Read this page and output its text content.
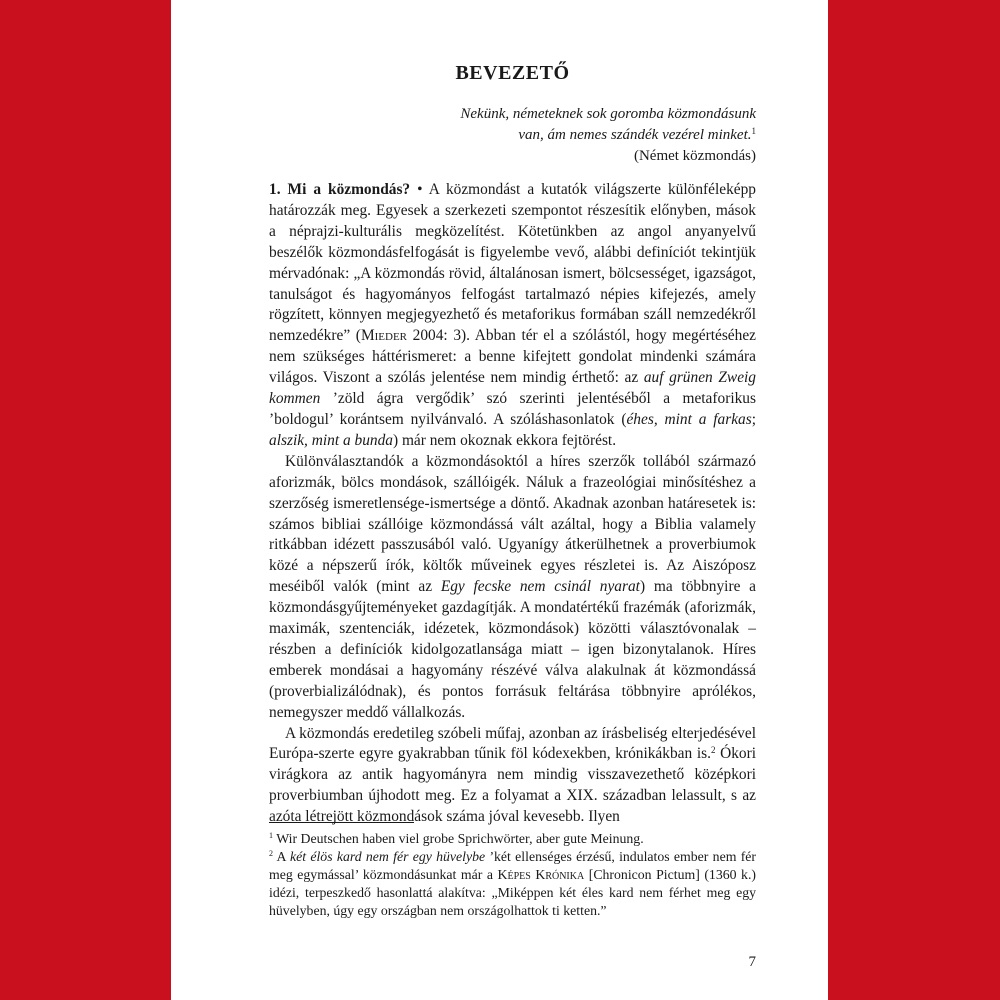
BEVEZETŐ
Nekünk, németeknek sok goromba közmondásunk
van, ám nemes szándék vezérel minket.$^1$
(Német közmondás)

1. Mi a közmondás? • A közmondást a kutatók világszerte különféleképp határozzák meg. Egyesek a szerkezeti szempontot részesítik előnyben, mások a néprajzi-kulturális megközelítést. Kötetünkben az angol anyanyelvű beszélők közmondásfelfogását is figyelembe vevő, alábbi definíciót tekintjük mérvadónak: „A közmondás rövid, általánosan ismert, bölcsességet, igazságot, tanulságot és hagyományos felfogást tartalmazó népies kifejezés, amely rögzített, könnyen megjegyezhető és metaforikus formában száll nemzedékről nemzedékre” (Mieder 2004: 3). Abban tér el a szólástól, hogy megértéséhez nem szükséges háttérismeret: a benne kifejtett gondolat mindenki számára világos. Viszont a szólás jelentése nem mindig érthető: az auf grünen Zweig kommen ’zöld ágra vergődik’ szó szerinti jelentéséből a metaforikus ’boldogul’ korántsem nyilvánvaló. A szóláshasonlatok (éhes, mint a farkas; alszik, mint a bunda) már nem okoznak ekkora fejtörést.

Különválasztandók a közmondásoktól a híres szerzők tollából származó aforizmák, bölcs mondások, szállóigék. Náluk a frazeológiai minősítéshez a szerzőség ismeretlensége-ismertsége a döntő. Akadnak azonban határesetek is: számos bibliai szállóige közmondássá vált azáltal, hogy a Biblia valamely ritkábban idézett passzusából való. Ugyanígy átkerülhetnek a proverbiumok közé a népszerű írók, költők műveinek egyes részletei is. Az Aiszóposz meséiből valók (mint az Egy fecske nem csinál nyarat) ma többnyire a közmondásgyűjteményeket gazdagítják. A mondatértékű frazémák (aforizmák, maximák, szentenciák, idézetek, közmondások) közötti választóvonalak – részben a definíciók kidolgozatlansága miatt – igen bizonytalanok. Híres emberek mondásai a hagyomány részévé válva alakulnak át közmondássá (proverbializálódnak), és pontos forrásuk feltárása többnyire aprólékos, nemegyszer meddő vállalkozás.

A közmondás eredetileg szóbeli műfaj, azonban az írásbeliség elterjedésével Európa-szerte egyre gyakrabban tűnik föl kódexekben, krónikákban is.$^2$ Ókori virágkora az antik hagyományra nem mindig visszavezethető középkori proverbiumban újhodott meg. Ez a folyamat a XIX. században lelassult, s az azóta létrejött közmondások száma jóval kevesebb. Ilyen

$^1$ Wir Deutschen haben viel grobe Sprichwörter, aber gute Meinung.

$^2$ A két élös kard nem fér egy hüvelybe ’két ellenséges érzésű, indulatos ember nem fér meg egymással’ közmondásunkat már a Képes Krónika [Chronicon Pictum] (1360 k.) idézi, terpeszkedő hasonlattá alakítva: „Miképpen két éles kard nem férhet meg egy hüvelyben, úgy egy országban nem országolhattok ti ketten.”

7
